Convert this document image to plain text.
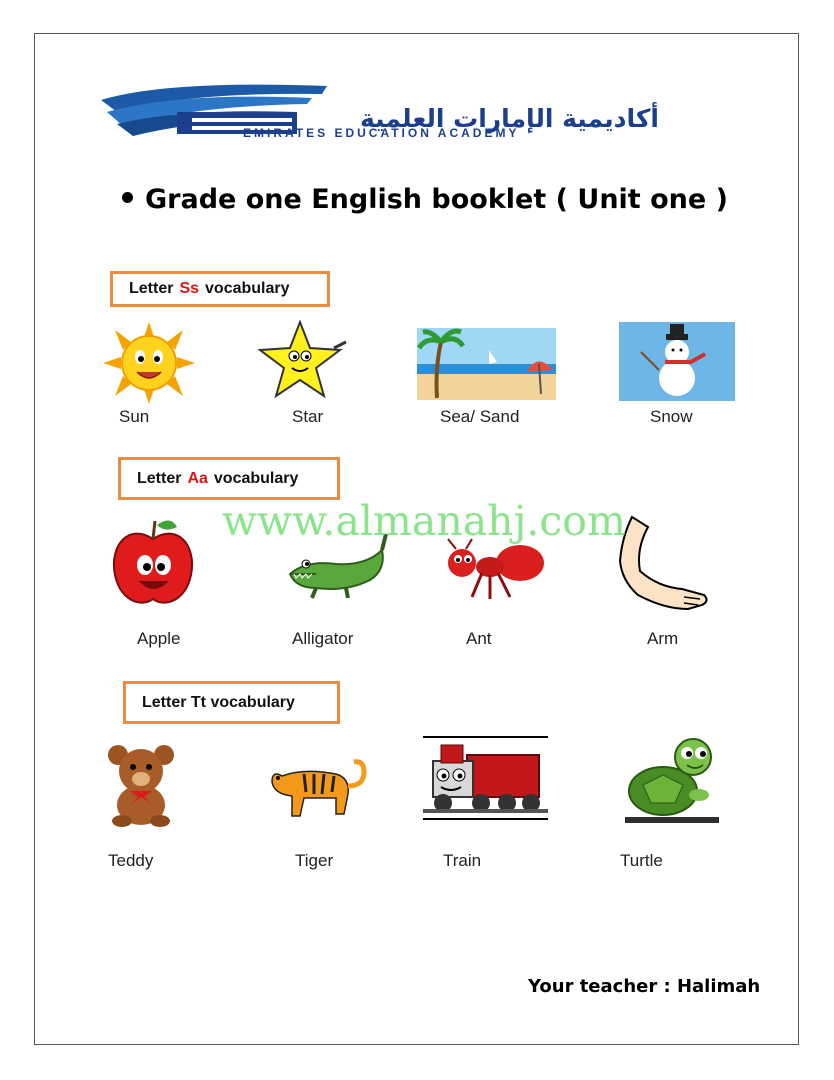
أكاديمية الإمارات العلمية
EMIRATES EDUCATION ACADEMY
Grade one English booklet ( Unit one )
Letter Ss vocabulary
Sun	Star	Sea/ Sand	Snow
Letter Aa vocabulary
Apple	Alligator	Ant	Arm
Letter Tt vocabulary
Teddy	Tiger	Train	Turtle
www.almanahj.com
Your teacher : Halimah
